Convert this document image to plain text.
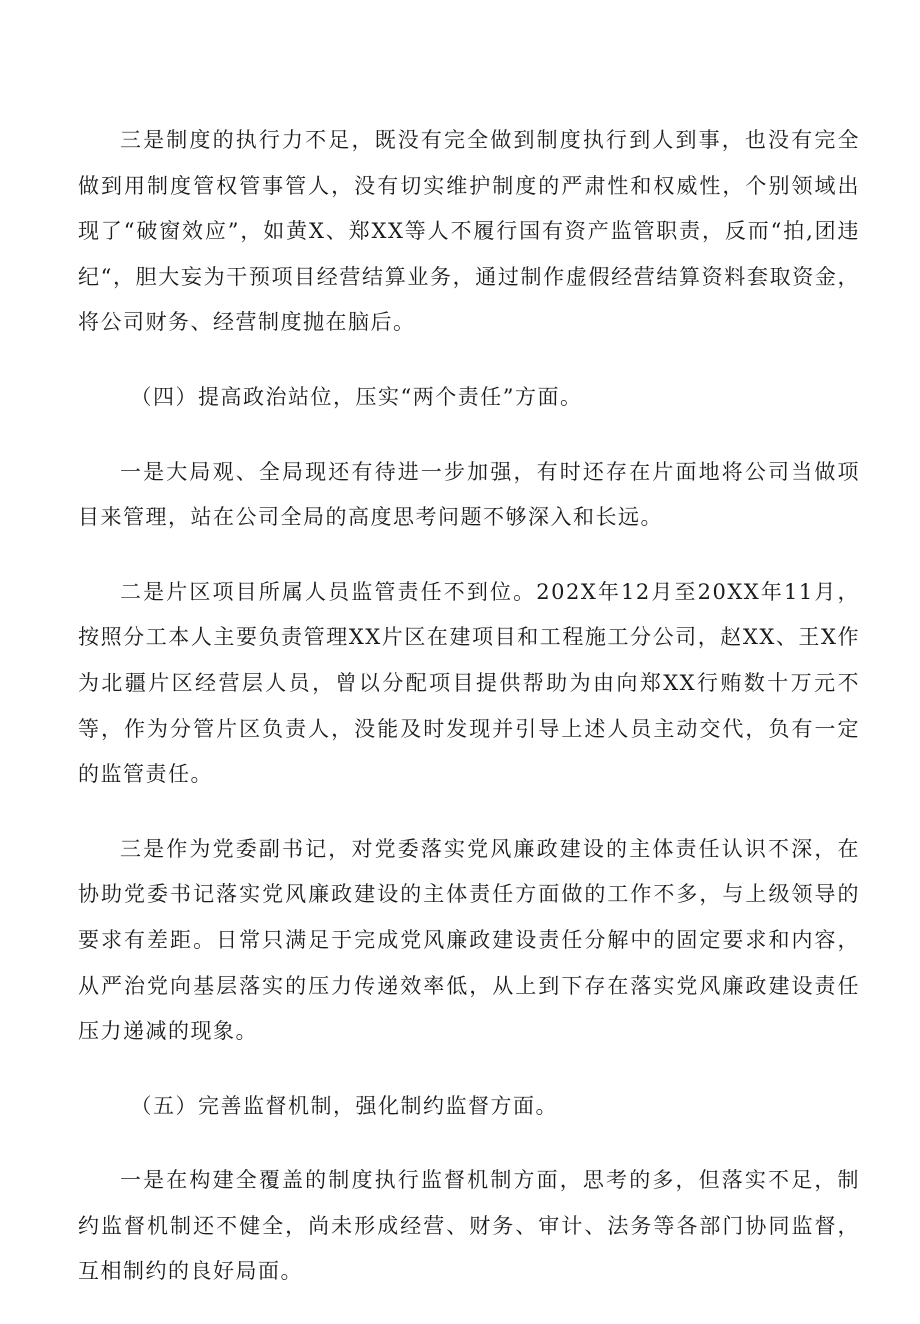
三是制度的执行力不足，既没有完全做到制度执行到人到事，也没有完全做到用制度管权管事管人，没有切实维护制度的严肃性和权威性，个别领域出现了“破窗效应”，如黄X、郑XX等人不履行国有资产监管职责，反而“拍,团违纪“，胆大妄为干预项目经营结算业务，通过制作虚假经营结算资料套取资金，将公司财务、经营制度抛在脑后。

（四）提高政治站位，压实“两个责任”方面。

一是大局观、全局现还有待进一步加强，有时还存在片面地将公司当做项目来管理，站在公司全局的高度思考问题不够深入和长远。

二是片区项目所属人员监管责任不到位。202X年12月至20XX年11月，按照分工本人主要负责管理XX片区在建项目和工程施工分公司，赵XX、王X作为北疆片区经营层人员，曾以分配项目提供帮助为由向郑XX行贿数十万元不等，作为分管片区负责人，没能及时发现并引导上述人员主动交代，负有一定的监管责任。

三是作为党委副书记，对党委落实党风廉政建设的主体责任认识不深，在协助党委书记落实党风廉政建设的主体责任方面做的工作不多，与上级领导的要求有差距。日常只满足于完成党风廉政建设责任分解中的固定要求和内容，从严治党向基层落实的压力传递效率低，从上到下存在落实党风廉政建设责任压力递减的现象。

（五）完善监督机制，强化制约监督方面。

一是在构建全覆盖的制度执行监督机制方面，思考的多，但落实不足，制约监督机制还不健全，尚未形成经营、财务、审计、法务等各部门协同监督，互相制约的良好局面。
